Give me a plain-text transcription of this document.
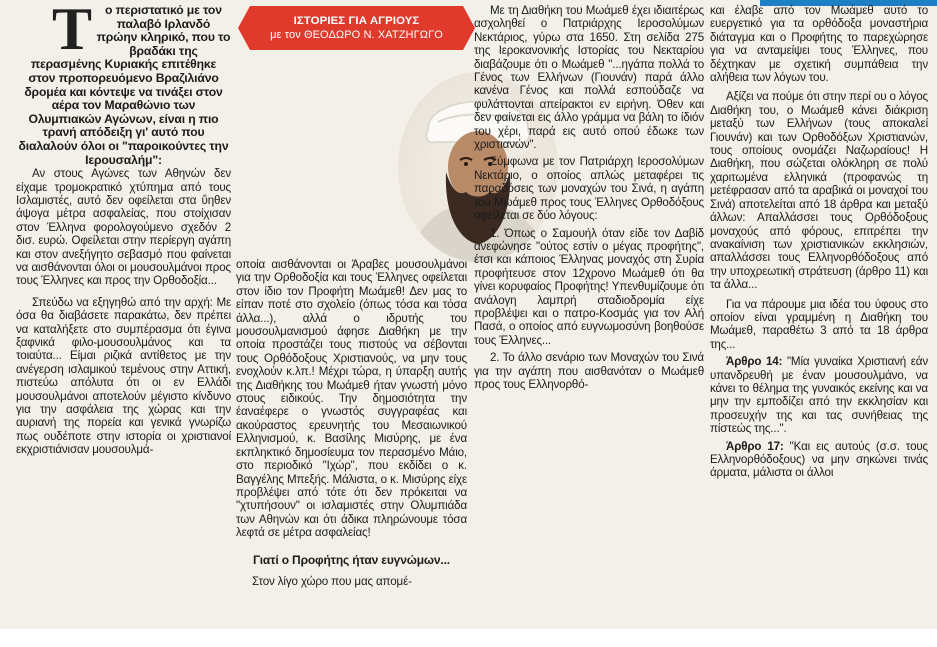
Τ	ο περιστατικό με τον παλαβό Ιρλανδό πρώην κληρικό, που το βραδάκι της περασμένης Κυριακής επιτέθηκε στον προπορευόμενο Βραζιλιάνο δρομέα και κόντεψε να τινάξει στον αέρα τον Μαραθώνιο των Ολυμπιακών Αγώνων, είναι η πιο τρανή απόδειξη γι' αυτό που διαλαλούν όλοι οι "παροικούντες την Ιερουσαλήμ":

Αν στους Αγώνες των Αθηνών δεν είχαμε τρομοκρατικό χτύπημα από τους Ισλαμιστές, αυτό δεν οφείλεται στα ΰηθεν άψογα μέτρα ασφαλείας, που στοίχισαν στον Έλληνα φορολογούμενο σχεδόν 2 δισ. ευρώ. Οφείλεται στην περίεργη αγάπη και στον ανεξήγητο σεβασμό που φαίνεται να αισθάνονται όλοι οι μουσουλμάνοι προς τους Έλληνες και προς την Ορθοδοξία...

Σπεύδω να εξηγηθώ από την αρχή: Με όσα θα διαβάσετε παρακάτω, δεν πρέπει να καταλήξετε στο συμπέρασμα ότι έγινα ξαφνικά φιλο-μουσουλμάνος και τα τοιαύτα... Είμαι ριζικά αντίθετος με την ανέγερση ισλαμικού τεμένους στην Αττική, πιστεύω απόλυτα ότι οι εν Ελλάδι μουσουλμάνοι αποτελούν μέγιστο κίνδυνο για την ασφάλεια της χώρας και την αυριανή της πορεία και γενικά γνωρίζω πως ουδέποτε στην ιστορία οι χριστιανοί εκχριστιάνισαν μουσουλμά-

ΙΣΤΟΡΙΕΣ ΓΙΑ ΑΓΡΙΟΥΣ
με τον ΘΕΟΔΩΡΟ Ν. ΧΑΤΖΗΓΩΓΟ

οποία αισθάνονται οι Άραβες μουσουλμάνοι για την Ορθοδοξία και τους Έλληνες οφείλεται στον ίδιο τον Προφήτη Μωάμεθ! Δεν μας το είπαν ποτέ στο σχολείο (όπως τόσα και τόσα άλλα...), αλλά ο ιδρυτής του μουσουλμανισμού άφησε Διαθήκη με την οποία προστάζει τους πιστούς να σέβονται τους Ορθόδοξους Χριστιανούς, να μην τους ενοχλούν κ.λπ.! Μέχρι τώρα, η ύπαρξη αυτής της Διαθήκης του Μωάμεθ ήταν γνωστή μόνο στους ειδικούς. Την δημοσιότητα την έαναέφερε ο γνωστός συγγραφέας και ακούραστος ερευνητής του Μεσαιωνικού Ελληνισμού, κ. Βασίλης Μισύρης, με ένα εκπληκτικό δημοσίευμα τον περασμένο Μάιο, στο περιοδικό "Ιχώρ", που εκδίδει ο κ. Βαγγέλης Μπεξής. Μάλιστα, ο κ. Μισύρης είχε προβλέψει από τότε ότι δεν πρόκειται να "χτυπήσουν" οι ισλαμιστές στην Ολυμπιάδα των Αθηνών και ότι άδικα πληρώνουμε τόσα λεφτά σε μέτρα ασφαλείας!

Γιατί ο Προφήτης ήταν ευγνώμων...

Στον λίγο χώρο που μας απομέ-

Με τη Διαθήκη του Μωάμεθ έχει ιδιαιτέρως ασχοληθεί ο Πατριάρχης Ιεροσολύμων Νεκτάριος, γύρω στα 1650. Στη σελίδα 275 της Ιεροκανονικής Ιστορίας του Νεκταρίου διαβάζουμε ότι ο Μωάμεθ "...ηγάπα πολλά το Γένος των Ελλήνων (Γιουνάν) παρά άλλο κανένα Γένος και πολλά εσπούδαζε να φυλάττονται απείρακτοι εν ειρήνη. Όθεν και δεν φαίνεται εις άλλο γράμμα να βάλη το ίδιόν του χέρι, παρά εις αυτό οπού έδωκε των χριστιανών".

Σύμφωνα με τον Πατριάρχη Ιεροσολύμων Νεκτάριο, ο οποίος απλώς μεταφέρει τις παραδόσεις των μοναχών του Σινά, η αγάπη του Μωάμεθ προς τους Έλληνες Ορθοδόξους οφείλεται σε δύο λόγους:

1. Όπως ο Σαμουήλ όταν είδε τον Δαβίδ ανεφώνησε "ούτος εστίν ο μέγας προφήτης", έτσι και κάποιος Έλληνας μοναχός στη Συρία προφήτευσε στον 12χρονο Μωάμεθ ότι θα γίνει κορυφαίος Προφήτης! Υπενθυμίζουμε ότι ανάλογη λαμπρή σταδιοδρομία είχε προβλέψει και ο πατρο-Κοσμάς για τον Αλή Πασά, ο οποίος από ευγνωμοσύνη βοηθούσε τους Έλληνες...

2. Το άλλο σενάριο των Μοναχών του Σινά για την αγάπη που αισθανόταν ο Μωάμεθ προς τους Ελληνορθό-

και έλαβε από τον Μωάμεθ αυτό το ευεργετικό για τα ορθόδοξα μοναστήρια διάταγμα και ο Προφήτης το παρεχώρησε για να ανταμείψει τους Έλληνες, που δέχτηκαν με σχετική συμπάθεια την αλήθεια των λόγων του.

Αξίζει να πούμε ότι στην περί ου ο λόγος Διαθήκη του, ο Μωάμεθ κάνει διάκριση μεταξύ των Ελλήνων (τους αποκαλεί Γιουνάν) και των Ορθοδόξων Χριστιανών, τους οποίους ονομάζει Ναζωραίους! Η Διαθήκη, που σώζεται ολόκληρη σε πολύ χαριτωμένα ελληνικά (προφανώς τη μετέφρασαν από τα αραβικά οι μοναχοί του Σινά) αποτελείται από 18 άρθρα και μεταξύ άλλων: Απαλλάσσει τους Ορθόδοξους μοναχούς από φόρους, επιτρέπει την ανακαίνιση των χριστιανικών εκκλησιών, απαλλάσσει τους Ελληνορθόδοξους από την υποχρεωτική στράτευση (άρθρο 11) και τα άλλα...

Για να πάρουμε μια ιδέα του ύφους στο οποίον είναι γραμμένη η Διαθήκη του Μωάμεθ, παραθέτω 3 από τα 18 άρθρα της...

Άρθρο 14: "Μία γυναίκα Χριστιανή εάν υπανδρευθή με έναν μουσουλμάνο, να κάνει το θέλημα της γυναικός εκείνης και να μην την εμποδίζει από την εκκλησίαν και προσευχήν της και τας συνήθειας της πίστεώς της...".

Άρθρο 17: "Και εις αυτούς (σ.σ. τους Ελληνορθόδοξους) να μην σηκώνει τινάς άρματα, μάλιστα οι άλλοι
